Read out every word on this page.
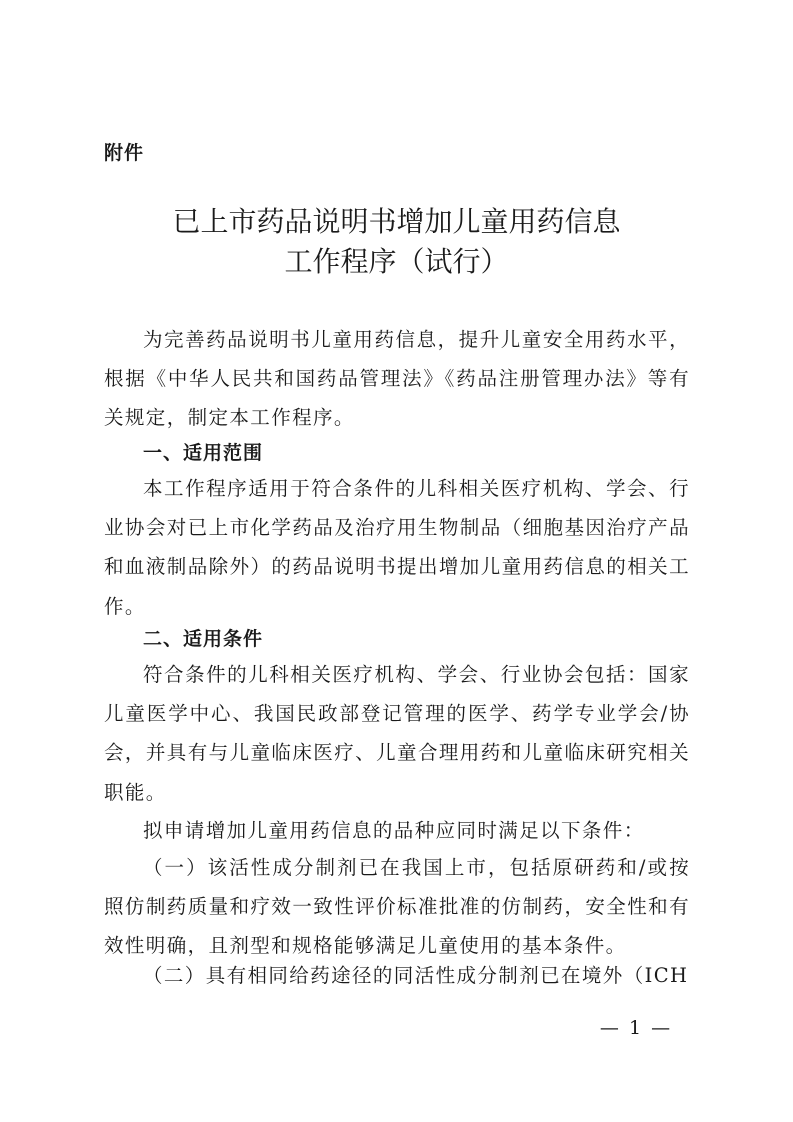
附件
已上市药品说明书增加儿童用药信息
工作程序（试行）
为完善药品说明书儿童用药信息，提升儿童安全用药水平，根据《中华人民共和国药品管理法》《药品注册管理办法》等有关规定，制定本工作程序。
一、适用范围
本工作程序适用于符合条件的儿科相关医疗机构、学会、行业协会对已上市化学药品及治疗用生物制品（细胞基因治疗产品和血液制品除外）的药品说明书提出增加儿童用药信息的相关工作。
二、适用条件
符合条件的儿科相关医疗机构、学会、行业协会包括：国家儿童医学中心、我国民政部登记管理的医学、药学专业学会/协会，并具有与儿童临床医疗、儿童合理用药和儿童临床研究相关职能。
拟申请增加儿童用药信息的品种应同时满足以下条件：
（一）该活性成分制剂已在我国上市，包括原研药和/或按照仿制药质量和疗效一致性评价标准批准的仿制药，安全性和有效性明确，且剂型和规格能够满足儿童使用的基本条件。
（二）具有相同给药途径的同活性成分制剂已在境外（ICH
— 1 —
